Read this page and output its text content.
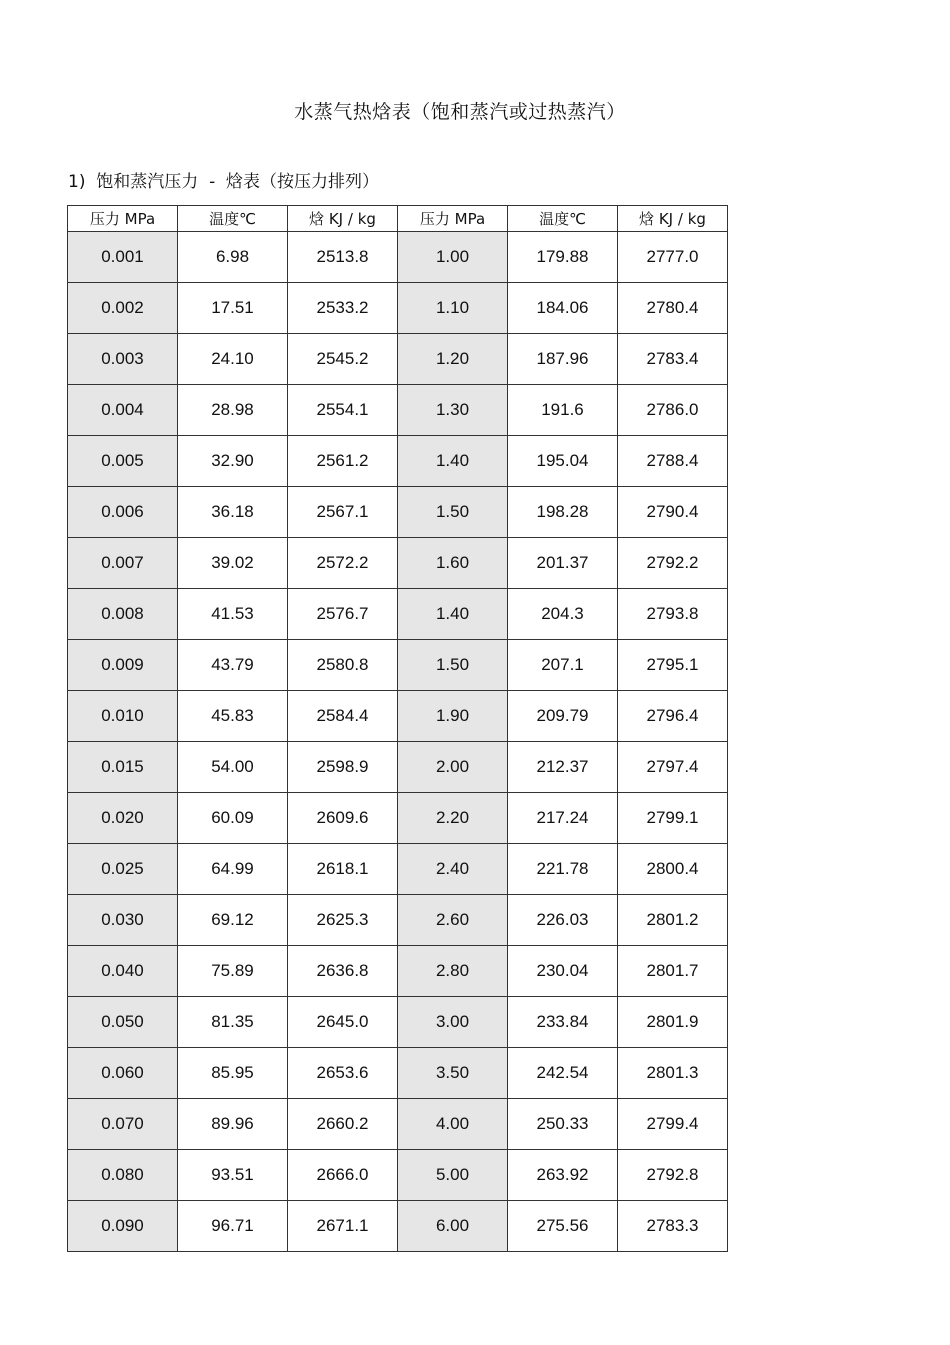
水蒸气热焓表（饱和蒸汽或过热蒸汽）
1)  饱和蒸汽压力  -  焓表（按压力排列）
压力 MPa	温度℃	焓 KJ / kg	压力 MPa	温度℃	焓 KJ / kg
0.001	6.98	2513.8	1.00	179.88	2777.0
0.002	17.51	2533.2	1.10	184.06	2780.4
0.003	24.10	2545.2	1.20	187.96	2783.4
0.004	28.98	2554.1	1.30	191.6	2786.0
0.005	32.90	2561.2	1.40	195.04	2788.4
0.006	36.18	2567.1	1.50	198.28	2790.4
0.007	39.02	2572.2	1.60	201.37	2792.2
0.008	41.53	2576.7	1.40	204.3	2793.8
0.009	43.79	2580.8	1.50	207.1	2795.1
0.010	45.83	2584.4	1.90	209.79	2796.4
0.015	54.00	2598.9	2.00	212.37	2797.4
0.020	60.09	2609.6	2.20	217.24	2799.1
0.025	64.99	2618.1	2.40	221.78	2800.4
0.030	69.12	2625.3	2.60	226.03	2801.2
0.040	75.89	2636.8	2.80	230.04	2801.7
0.050	81.35	2645.0	3.00	233.84	2801.9
0.060	85.95	2653.6	3.50	242.54	2801.3
0.070	89.96	2660.2	4.00	250.33	2799.4
0.080	93.51	2666.0	5.00	263.92	2792.8
0.090	96.71	2671.1	6.00	275.56	2783.3
